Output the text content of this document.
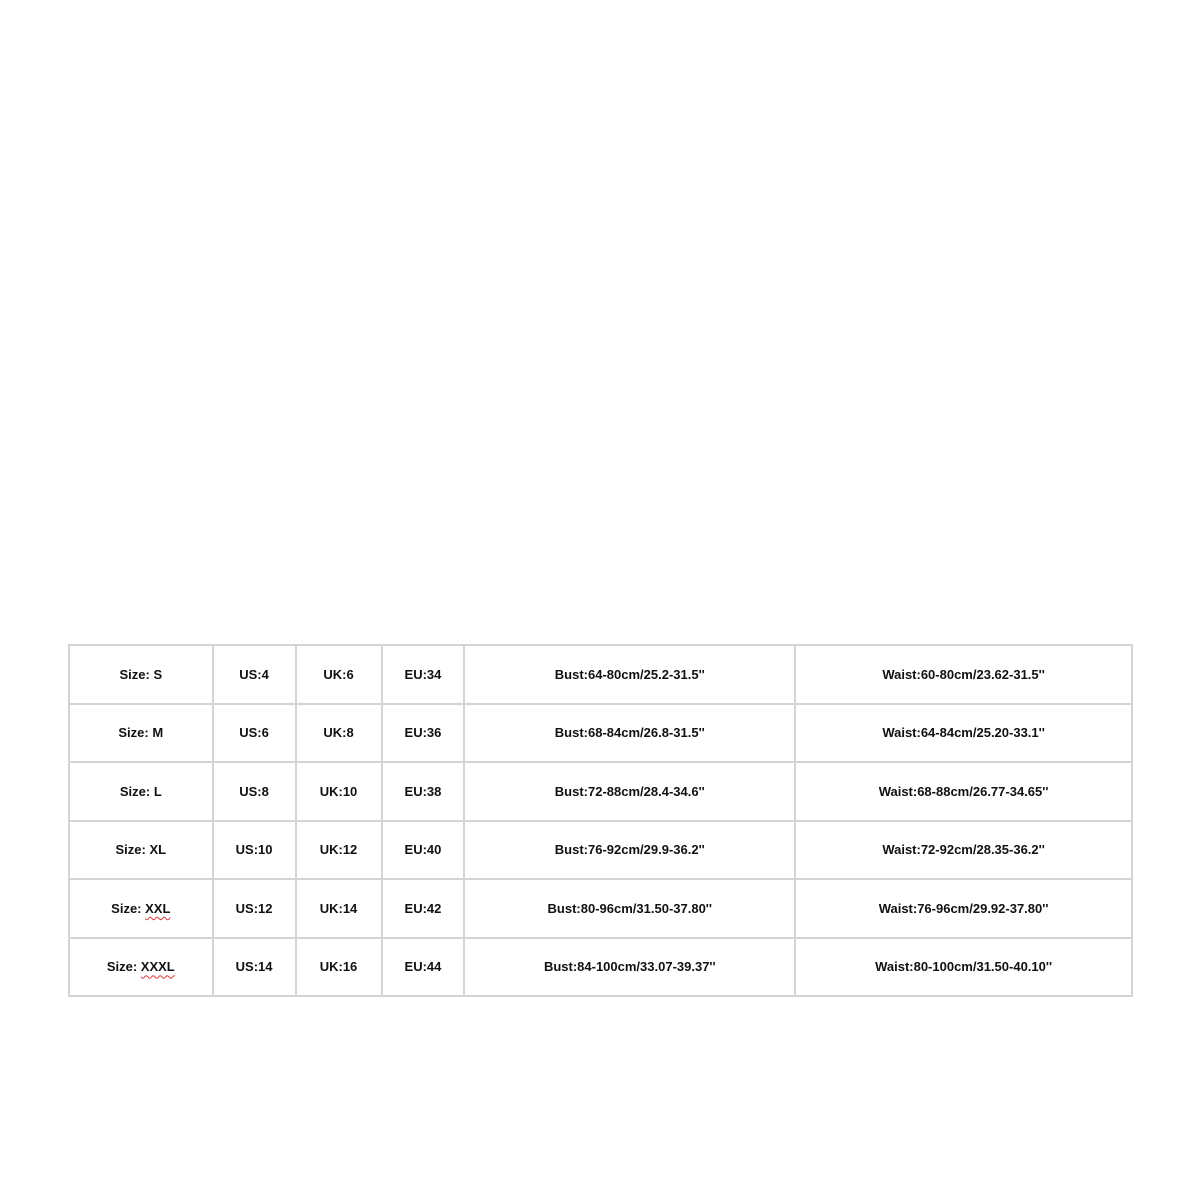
Size: S	US:4	UK:6	EU:34	Bust:64-80cm/25.2-31.5''	Waist:60-80cm/23.62-31.5''
Size: M	US:6	UK:8	EU:36	Bust:68-84cm/26.8-31.5''	Waist:64-84cm/25.20-33.1''
Size: L	US:8	UK:10	EU:38	Bust:72-88cm/28.4-34.6''	Waist:68-88cm/26.77-34.65''
Size: XL	US:10	UK:12	EU:40	Bust:76-92cm/29.9-36.2''	Waist:72-92cm/28.35-36.2''
Size: XXL	US:12	UK:14	EU:42	Bust:80-96cm/31.50-37.80''	Waist:76-96cm/29.92-37.80''
Size: XXXL	US:14	UK:16	EU:44	Bust:84-100cm/33.07-39.37''	Waist:80-100cm/31.50-40.10''
